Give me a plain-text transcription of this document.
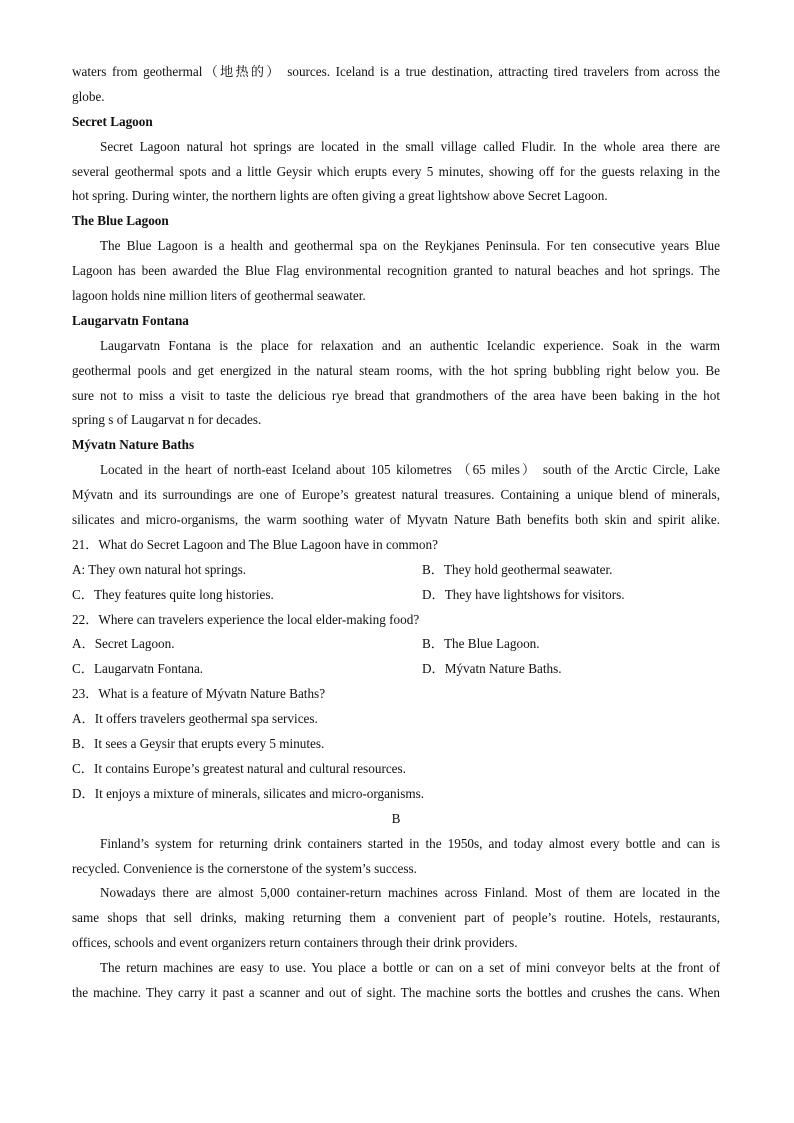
waters from geothermal（地热的） sources. Iceland is a true destination, attracting tired travelers from across the
globe.
Secret Lagoon
Secret Lagoon natural hot springs are located in the small village called Fludir. In the whole area there are
several geothermal spots and a little Geysir which erupts every 5 minutes, showing off for the guests relaxing in the
hot spring. During winter, the northern lights are often giving a great lightshow above Secret Lagoon.
The Blue Lagoon
The Blue Lagoon is a health and geothermal spa on the Reykjanes Peninsula. For ten consecutive years Blue
Lagoon has been awarded the Blue Flag environmental recognition granted to natural beaches and hot springs. The
lagoon holds nine million liters of geothermal seawater.
Laugarvatn Fontana
Laugarvatn Fontana is the place for relaxation and an authentic Icelandic experience. Soak in the warm
geothermal pools and get energized in the natural steam rooms, with the hot spring bubbling right below you. Be
sure not to miss a visit to taste the delicious rye bread that grandmothers of the area have been baking in the hot
spring s of Laugarvat n for decades.
Mývatn Nature Baths
Located in the heart of north-east Iceland about 105 kilometres （65 miles） south of the Arctic Circle, Lake
Mývatn and its surroundings are one of Europe’s greatest natural treasures. Containing a unique blend of minerals,
silicates and micro-organisms, the warm soothing water of Myvatn Nature Bath benefits both skin and spirit alike.
21．What do Secret Lagoon and The Blue Lagoon have in common?
A: They own natural hot springs.	B．They hold geothermal seawater.
C．They features quite long histories.	D．They have lightshows for visitors.
22．Where can travelers experience the local elder-making food?
A．Secret Lagoon.	B．The Blue Lagoon.
C．Laugarvatn Fontana.	D．Mývatn Nature Baths.
23．What is a feature of Mývatn Nature Baths?
A．It offers travelers geothermal spa services.
B．It sees a Geysir that erupts every 5 minutes.
C．It contains Europe’s greatest natural and cultural resources.
D．It enjoys a mixture of minerals, silicates and micro-organisms.
B
Finland’s system for returning drink containers started in the 1950s, and today almost every bottle and can is
recycled. Convenience is the cornerstone of the system’s success.
Nowadays there are almost 5,000 container-return machines across Finland. Most of them are located in the
same shops that sell drinks, making returning them a convenient part of people’s routine. Hotels, restaurants,
offices, schools and event organizers return containers through their drink providers.
The return machines are easy to use. You place a bottle or can on a set of mini conveyor belts at the front of
the machine. They carry it past a scanner and out of sight. The machine sorts the bottles and crushes the cans. When
